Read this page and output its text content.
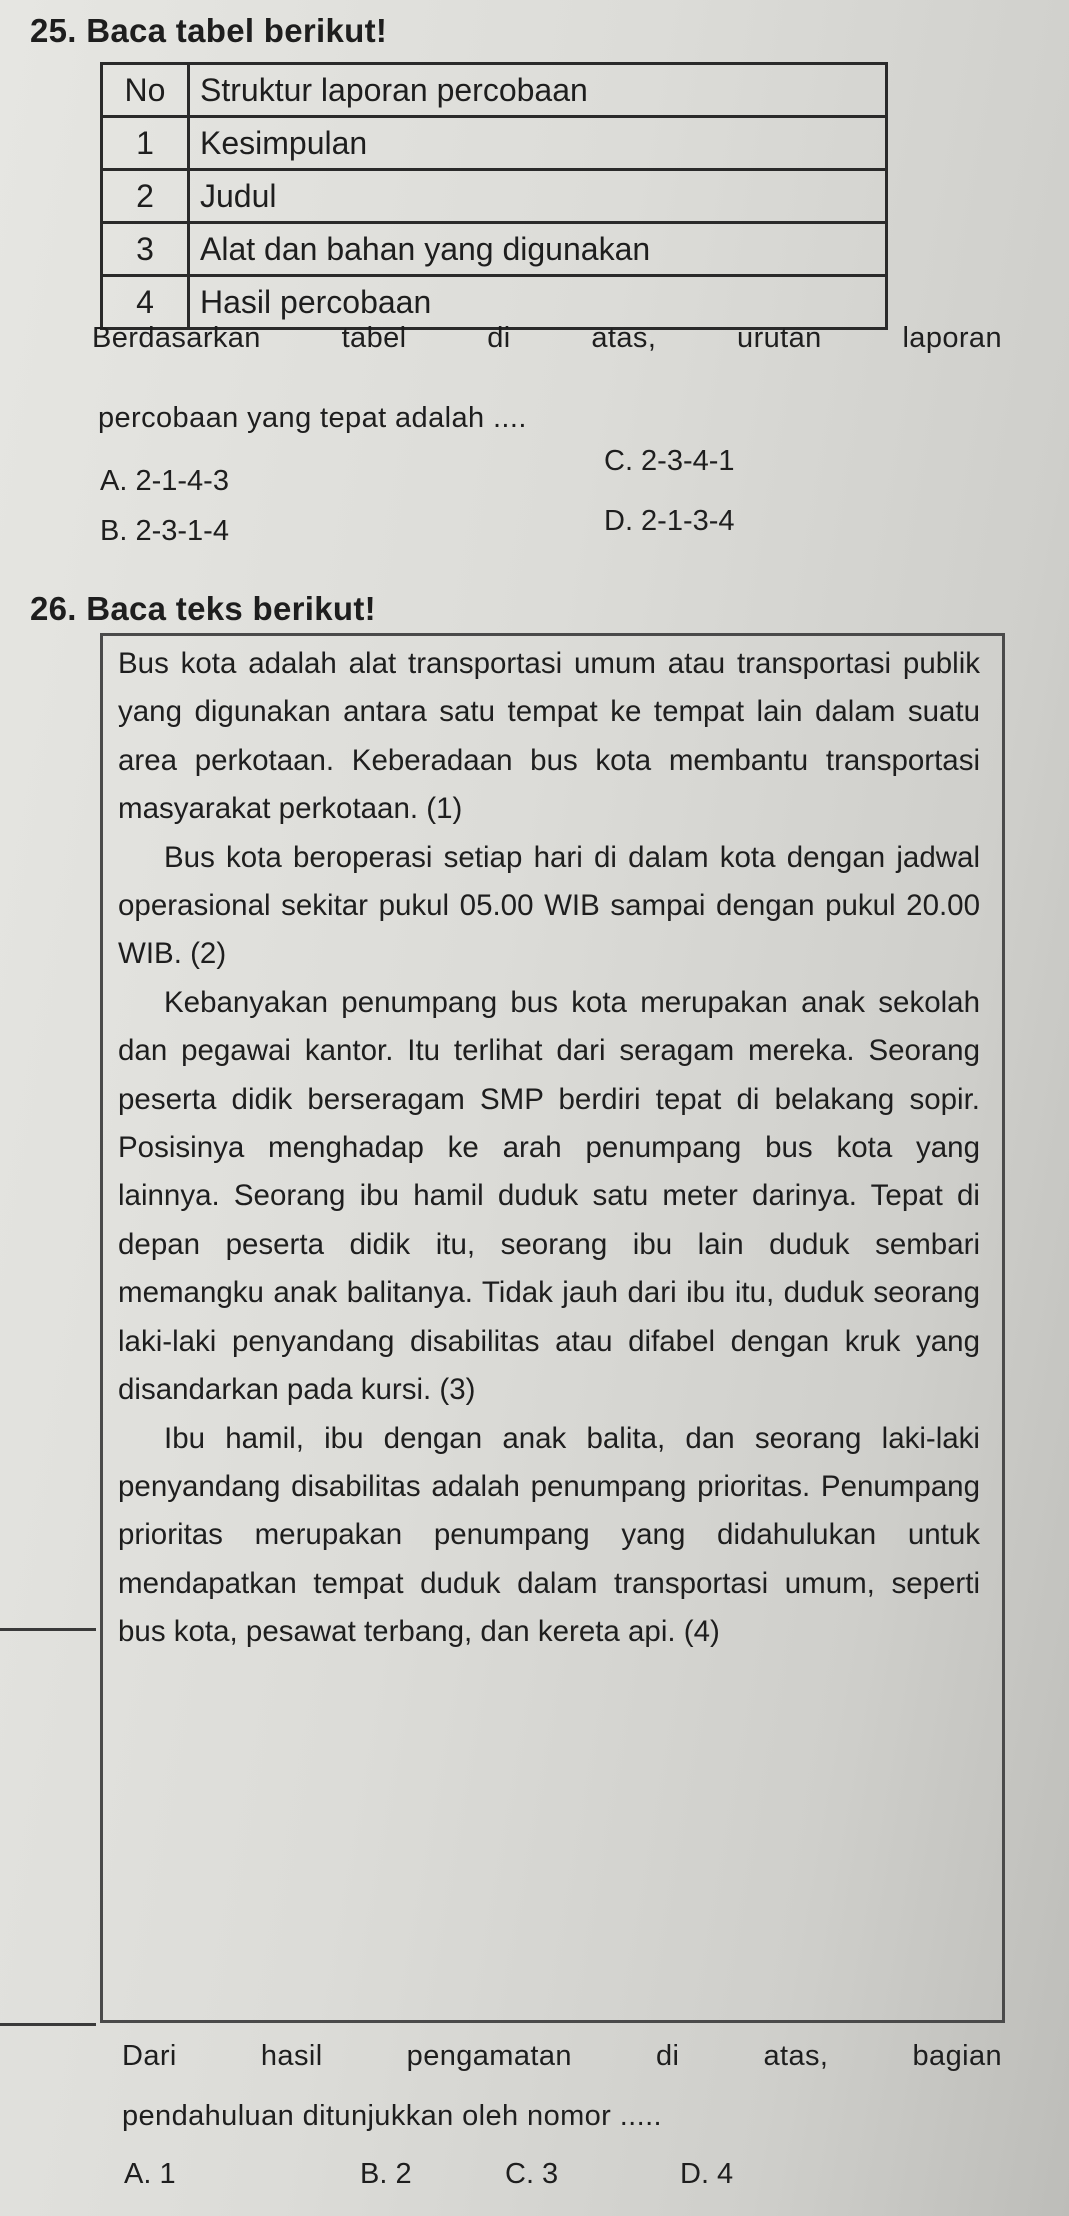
25. Baca tabel berikut!
No	Struktur laporan percobaan
1	Kesimpulan
2	Judul
3	Alat dan bahan yang digunakan
4	Hasil percobaan
Berdasarkan tabel di atas, urutan laporan
percobaan yang tepat adalah ....
A. 2-1-4-3
C. 2-3-4-1
B. 2-3-1-4	D. 2-1-3-4
26. Baca teks berikut!

Bus kota adalah alat transportasi umum atau transportasi publik yang digunakan antara satu tempat ke tempat lain dalam suatu area perkotaan. Keberadaan bus kota membantu transportasi masyarakat perkotaan. (1)

Bus kota beroperasi setiap hari di dalam kota dengan jadwal operasional sekitar pukul 05.00 WIB sampai dengan pukul 20.00 WIB. (2)

Kebanyakan penumpang bus kota merupakan anak sekolah dan pegawai kantor. Itu terlihat dari seragam mereka. Seorang peserta didik berseragam SMP berdiri tepat di belakang sopir. Posisinya menghadap ke arah penumpang bus kota yang lainnya. Seorang ibu hamil duduk satu meter darinya. Tepat di depan peserta didik itu, seorang ibu lain duduk sembari memangku anak balitanya. Tidak jauh dari ibu itu, duduk seorang laki-laki penyandang disabilitas atau difabel dengan kruk yang disandarkan pada kursi. (3)

Ibu hamil, ibu dengan anak balita, dan seorang laki-laki penyandang disabilitas adalah penumpang prioritas. Penumpang prioritas merupakan penumpang yang didahulukan untuk mendapatkan tempat duduk dalam transportasi umum, seperti bus kota, pesawat terbang, dan kereta api. (4)

Dari hasil pengamatan di atas, bagian
pendahuluan ditunjukkan oleh nomor .....
A. 1	B. 2	C. 3	D. 4
